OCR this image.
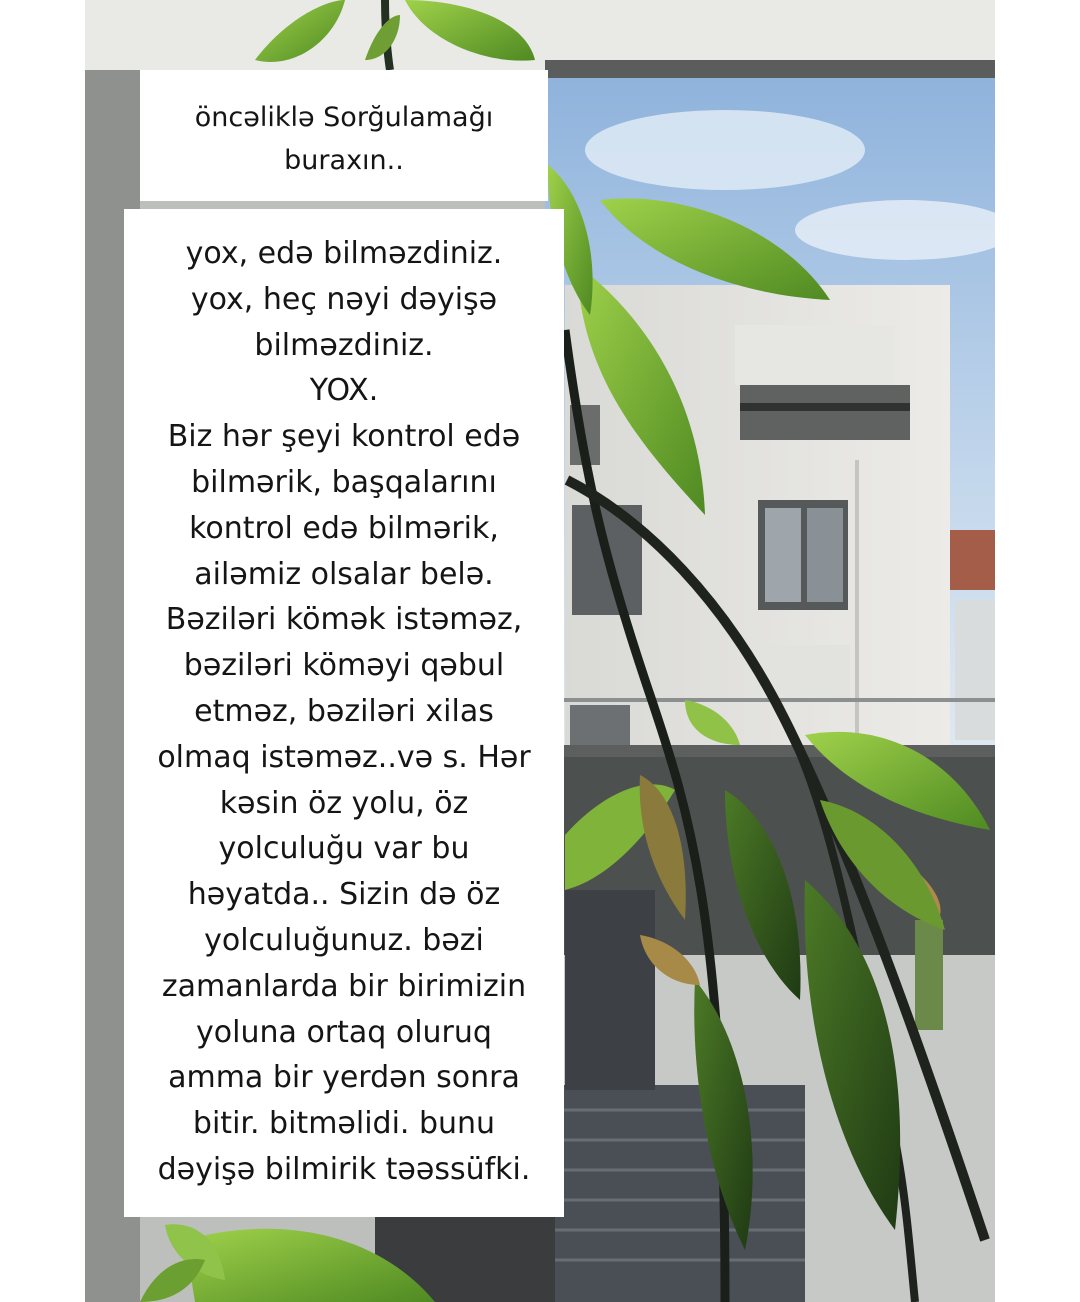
öncəliklə Sorğulamağı
buraxın..
yox, edə bilməzdiniz.
yox, heç nəyi dəyişə
bilməzdiniz.
YOX.
Biz hər şeyi kontrol edə
bilmərik, başqalarını
kontrol edə bilmərik,
ailəmiz olsalar belə.
Bəziləri kömək istəməz,
bəziləri köməyi qəbul
etməz, bəziləri xilas
olmaq istəməz..və s. Hər
kəsin öz yolu, öz
yolculuğu var bu
həyatda.. Sizin də öz
yolculuğunuz. bəzi
zamanlarda bir birimizin
yoluna ortaq oluruq
amma bir yerdən sonra
bitir. bitməlidi. bunu
dəyişə bilmirik təəssüfki.
